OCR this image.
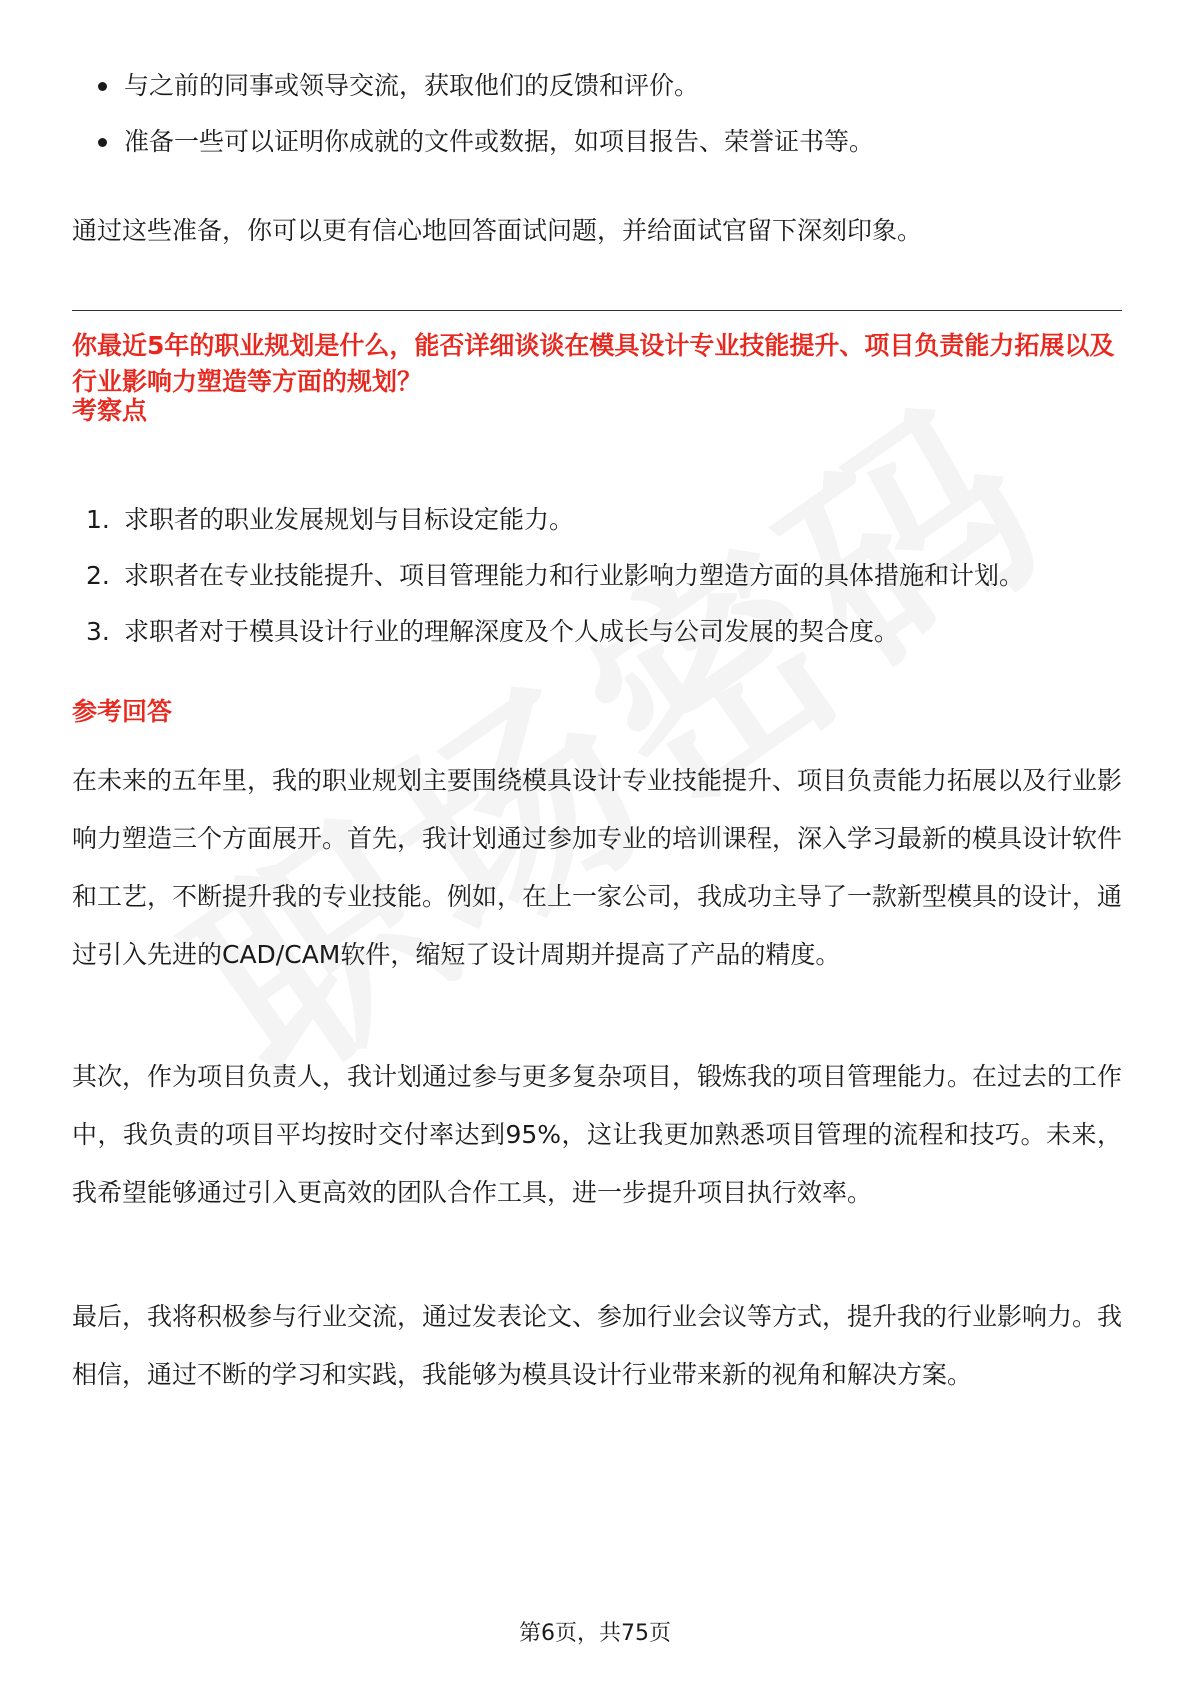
与之前的同事或领导交流，获取他们的反馈和评价。
准备一些可以证明你成就的文件或数据，如项目报告、荣誉证书等。

通过这些准备，你可以更有信心地回答面试问题，并给面试官留下深刻印象。

你最近5年的职业规划是什么，能否详细谈谈在模具设计专业技能提升、项目负责能力拓展以及行业影响力塑造等方面的规划？
考察点
1. 求职者的职业发展规划与目标设定能力。
2. 求职者在专业技能提升、项目管理能力和行业影响力塑造方面的具体措施和计划。
3. 求职者对于模具设计行业的理解深度及个人成长与公司发展的契合度。
参考回答

在未来的五年里，我的职业规划主要围绕模具设计专业技能提升、项目负责能力拓展以及行业影响力塑造三个方面展开。首先，我计划通过参加专业的培训课程，深入学习最新的模具设计软件和工艺，不断提升我的专业技能。例如，在上一家公司，我成功主导了一款新型模具的设计，通过引入先进的CAD/CAM软件，缩短了设计周期并提高了产品的精度。

其次，作为项目负责人，我计划通过参与更多复杂项目，锻炼我的项目管理能力。在过去的工作中，我负责的项目平均按时交付率达到95%，这让我更加熟悉项目管理的流程和技巧。未来，我希望能够通过引入更高效的团队合作工具，进一步提升项目执行效率。

最后，我将积极参与行业交流，通过发表论文、参加行业会议等方式，提升我的行业影响力。我相信，通过不断的学习和实践，我能够为模具设计行业带来新的视角和解决方案。

第6页，共75页
